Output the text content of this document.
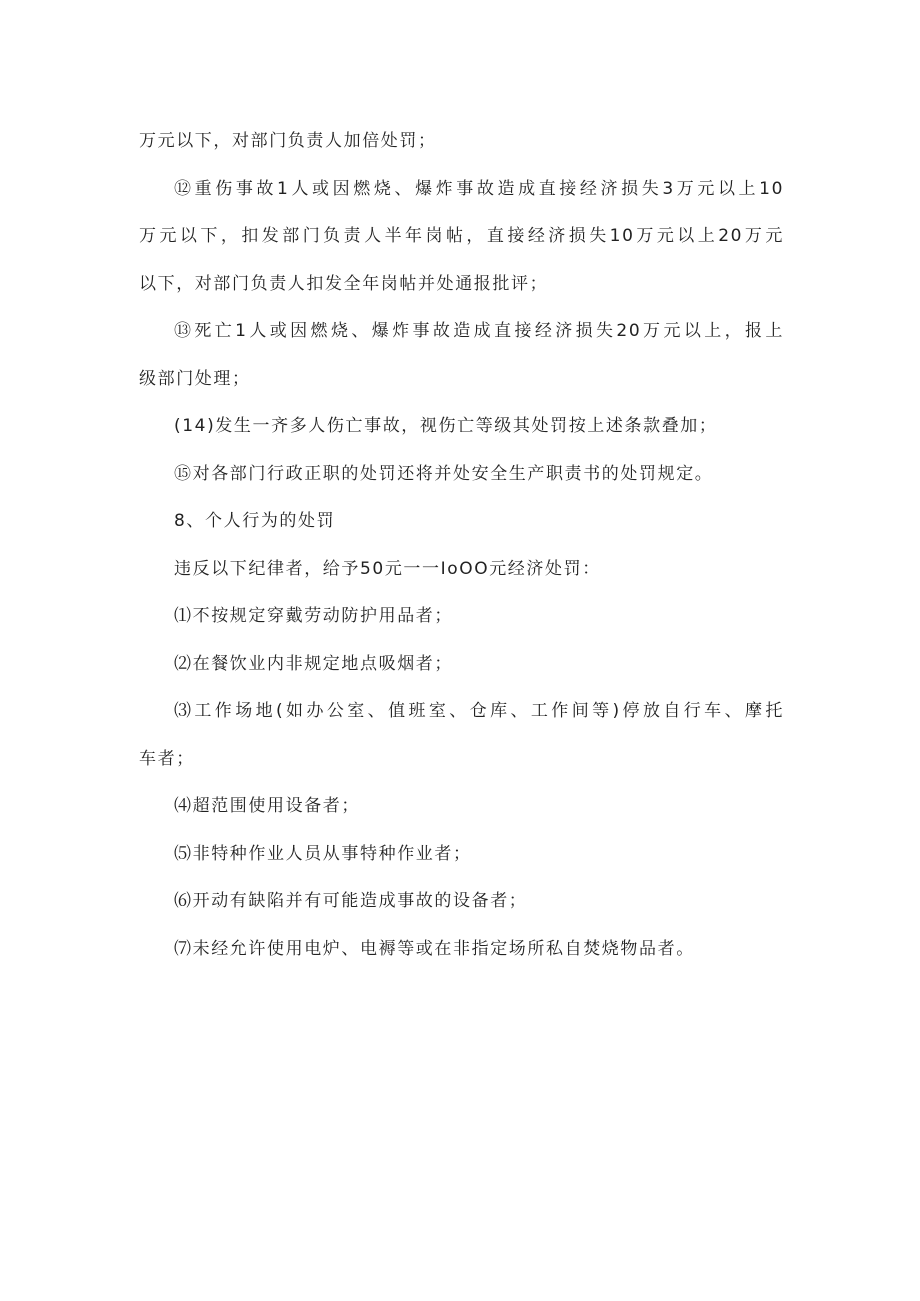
万元以下，对部门负责人加倍处罚；
⑫重伤事故1人或因燃烧、爆炸事故造成直接经济损失3万元以上10
万元以下，扣发部门负责人半年岗帖，直接经济损失10万元以上20万元
以下，对部门负责人扣发全年岗帖并处通报批评；
⑬死亡1人或因燃烧、爆炸事故造成直接经济损失20万元以上，报上
级部门处理；
(14)发生一齐多人伤亡事故，视伤亡等级其处罚按上述条款叠加；
⑮对各部门行政正职的处罚还将并处安全生产职责书的处罚规定。
8、个人行为的处罚
违反以下纪律者，给予50元一一IoOO元经济处罚：
⑴不按规定穿戴劳动防护用品者；
⑵在餐饮业内非规定地点吸烟者；
⑶工作场地(如办公室、值班室、仓库、工作间等)停放自行车、摩托
车者；
⑷超范围使用设备者；
⑸非特种作业人员从事特种作业者；
⑹开动有缺陷并有可能造成事故的设备者；
⑺未经允许使用电炉、电褥等或在非指定场所私自焚烧物品者。
